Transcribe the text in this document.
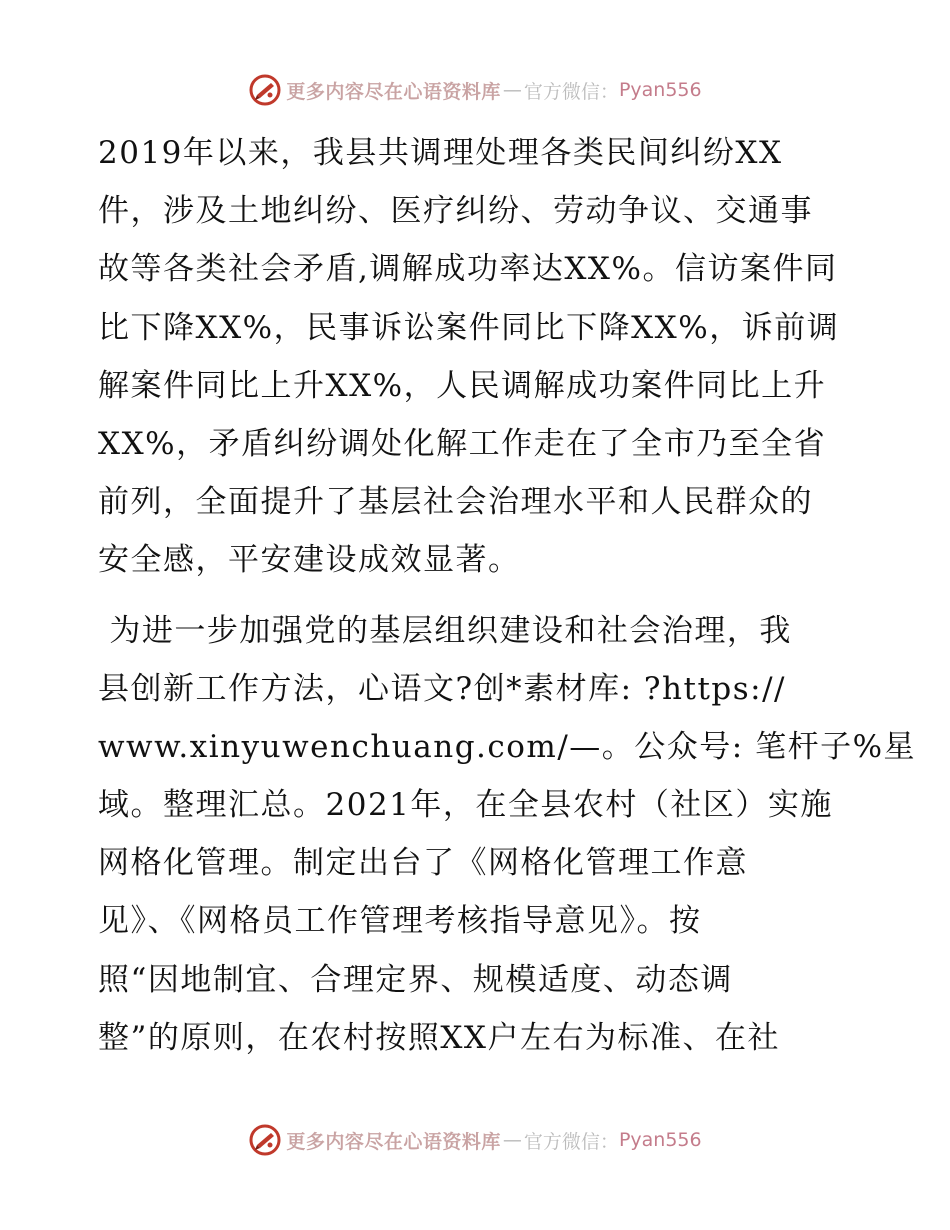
更多内容尽在心语资料库 — 官方微信： Pyan556
2019年以来，我县共调理处理各类民间纠纷XX
件，涉及土地纠纷、医疗纠纷、劳动争议、交通事
故等各类社会矛盾,调解成功率达XX%。信访案件同
比下降XX%，民事诉讼案件同比下降XX%，诉前调
解案件同比上升XX%，人民调解成功案件同比上升
XX%，矛盾纠纷调处化解工作走在了全市乃至全省
前列，全面提升了基层社会治理水平和人民群众的
安全感，平安建设成效显著。
为进一步加强党的基层组织建设和社会治理，我
县创新工作方法，心语文?创*素材库: ?https://
www.xinyuwenchuang.com/—。公众号: 笔杆子%星
域。整理汇总。2021年，在全县农村（社区）实施
网格化管理。制定出台了《网格化管理工作意
见》、《网格员工作管理考核指导意见》。按
照“因地制宜、合理定界、规模适度、动态调
整”的原则，在农村按照XX户左右为标准、在社
更多内容尽在心语资料库 — 官方微信： Pyan556
